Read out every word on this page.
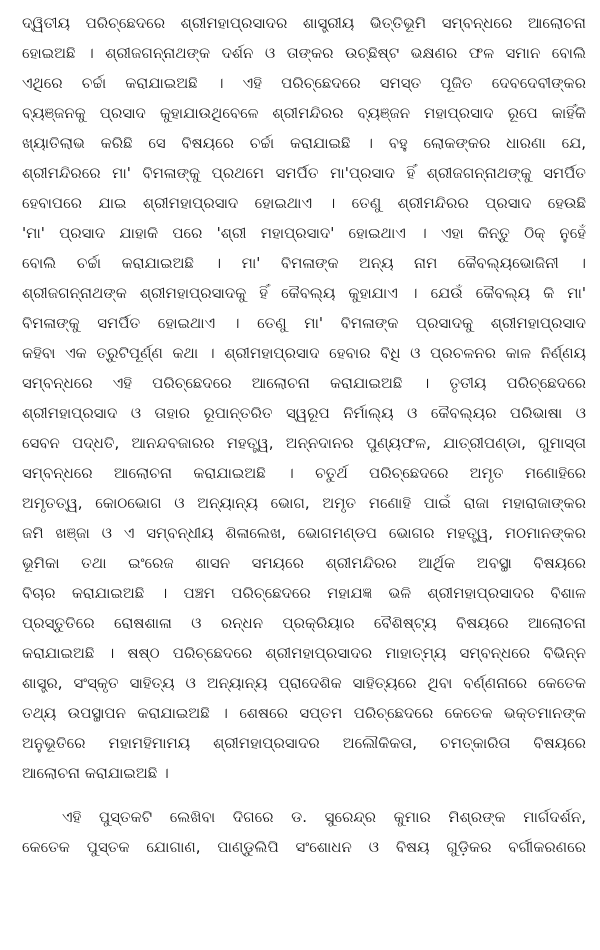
ଦ୍ୱିତୀୟ ପରିଚ୍ଛେଦରେ ଶ୍ରୀମହାପ୍ରସାଦର ଶାସ୍ତ୍ରୀୟ ଭିତ୍ତିଭୂମି ସମ୍ବନ୍ଧରେ ଆଲୋଚନା
ହୋଇଅଛି । ଶ୍ରୀଜଗନ୍ନାଥଙ୍କ ଦର୍ଶନ ଓ ତାଙ୍କର ଉଚ୍ଛିଷ୍ଟ ଭକ୍ଷଣର ଫଳ ସମାନ ବୋଲି
ଏଥିରେ ଚର୍ଚ୍ଚା କରାଯାଇଅଛି । ଏହି ପରିଚ୍ଛେଦରେ ସମସ୍ତ ପୂଜିତ ଦେବଦେବୀଙ୍କର
ବ୍ୟଞ୍ଜନକୁ ପ୍ରସାଦ କୁହାଯାଉଥିବେଳେ ଶ୍ରୀମନ୍ଦିରର ବ୍ୟଞ୍ଜନ ମହାପ୍ରସାଦ ରୂପେ କାହିଁକି
ଖ୍ୟାତିଲାଭ କରିଛି ସେ ବିଷୟରେ ଚର୍ଚ୍ଚା କରାଯାଇଛି । ବହୁ ଲୋକଙ୍କର ଧାରଣା ଯେ,
ଶ୍ରୀମନ୍ଦିରରେ ମା' ବିମଳାଙ୍କୁ ପ୍ରଥମେ ସମର୍ପିତ ମା'ପ୍ରସାଦ ହିଁ ଶ୍ରୀଜଗନ୍ନାଥଙ୍କୁ ସମର୍ପିତ
ହେବାପରେ ଯାଇ ଶ୍ରୀମହାପ୍ରସାଦ ହୋଇଥାଏ । ତେଣୁ ଶ୍ରୀମନ୍ଦିରର ପ୍ରସାଦ ହେଉଛି
'ମା' ପ୍ରସାଦ ଯାହାକି ପରେ 'ଶ୍ରୀ ମହାପ୍ରସାଦ' ହୋଇଥାଏ । ଏହା କିନ୍ତୁ ଠିକ୍ ନୁହେଁ
ବୋଲି ଚର୍ଚ୍ଚା କରାଯାଇଅଛି । ମା' ବିମଳାଙ୍କ ଅନ୍ୟ ନାମ କୈବଲ୍ୟଭୋଜିନୀ ।
ଶ୍ରୀଜଗନ୍ନାଥଙ୍କ ଶ୍ରୀମହାପ୍ରସାଦକୁ ହିଁ କୈବଲ୍ୟ କୁହାଯାଏ । ଯେଉଁ କୈବଲ୍ୟ କି ମା'
ବିମଳାଙ୍କୁ ସମର୍ପିତ ହୋଇଥାଏ । ତେଣୁ ମା' ବିମଳାଙ୍କ ପ୍ରସାଦକୁ ଶ୍ରୀମହାପ୍ରସାଦ
କହିବା ଏକ ତ୍ରୁଟିପୂର୍ଣ୍ଣ କଥା । ଶ୍ରୀମହାପ୍ରସାଦ ହେବାର ବିଧି ଓ ପ୍ରଚଳନର କାଳ ନିର୍ଣ୍ଣୟ
ସମ୍ବନ୍ଧରେ ଏହି ପରିଚ୍ଛେଦରେ ଆଲୋଚନା କରାଯାଇଅଛି । ତୃତୀୟ ପରିଚ୍ଛେଦରେ
ଶ୍ରୀମହାପ୍ରସାଦ ଓ ତାହାର ରୂପାନ୍ତରିତ ସ୍ୱରୂପ ନିର୍ମାଲ୍ୟ ଓ କୈବଲ୍ୟର ପରିଭାଷା ଓ
ସେବନ ପଦ୍ଧତି, ଆନନ୍ଦବଜାରର ମହତ୍ତ୍ୱ, ଅନ୍ନଦାନର ପୁଣ୍ୟଫଳ, ଯାତ୍ରୀପଣ୍ଡା, ଗୁମାସ୍ତା
ସମ୍ବନ୍ଧରେ ଆଲୋଚନା କରାଯାଇଅଛି । ଚତୁର୍ଥ ପରିଚ୍ଛେଦରେ ଅମୃତ ମଣୋହିରେ
ଅମୃତତ୍ୱ, କୋଠଭୋଗ ଓ ଅନ୍ୟାନ୍ୟ ଭୋଗ, ଅମୃତ ମଣୋହି ପାଇଁ ରାଜା ମହାରାଜାଙ୍କର
ଜମି ଖଞ୍ଜା ଓ ଏ ସମ୍ବନ୍ଧୀୟ ଶିଳାଲେଖ, ଭୋଗମଣ୍ଡପ ଭୋଗର ମହତ୍ତ୍ୱ, ମଠମାନଙ୍କର
ଭୂମିକା ତଥା ଇଂରେଜ ଶାସନ ସମୟରେ ଶ୍ରୀମନ୍ଦିରର ଆର୍ଥିକ ଅବସ୍ଥା ବିଷୟରେ
ବିଚାର କରାଯାଇଅଛି । ପଞ୍ଚମ ପରିଚ୍ଛେଦରେ ମହାଯଜ୍ଞ ଭଳି ଶ୍ରୀମହାପ୍ରସାଦର ବିଶାଳ
ପ୍ରସ୍ତୁତିରେ ରୋଷଶାଳା ଓ ରନ୍ଧନ ପ୍ରକ୍ରିୟାର ବୈଶିଷ୍ଟ୍ୟ ବିଷୟରେ ଆଲୋଚନା
କରାଯାଇଅଛି । ଷଷ୍ଠ ପରିଚ୍ଛେଦରେ ଶ୍ରୀମହାପ୍ରସାଦର ମାହାତ୍ମ୍ୟ ସମ୍ବନ୍ଧରେ ବିଭିନ୍ନ
ଶାସ୍ତ୍ର, ସଂସ୍କୃତ ସାହିତ୍ୟ ଓ ଅନ୍ୟାନ୍ୟ ପ୍ରାଦେଶିକ ସାହିତ୍ୟରେ ଥିବା ବର୍ଣ୍ଣନାରେ କେତେକ
ତଥ୍ୟ ଉପସ୍ଥାପନ କରାଯାଇଅଛି । ଶେଷରେ ସପ୍ତମ ପରିଚ୍ଛେଦରେ କେତେକ ଭକ୍ତମାନଙ୍କ
ଅନୁଭୂତିରେ ମହାମହିମାମୟ ଶ୍ରୀମହାପ୍ରସାଦର ଅଲୌକିକତା, ଚମତ୍କାରିତା ବିଷୟରେ
ଆଲୋଚନା କରାଯାଇଅଛି ।
ଏହି ପୁସ୍ତକଟି ଲେଖିବା ଦିଗରେ ଡ. ସୁରେନ୍ଦ୍ର କୁମାର ମିଶ୍ରଙ୍କ ମାର୍ଗଦର୍ଶନ,
କେତେକ ପୁସ୍ତକ ଯୋଗାଣ, ପାଣ୍ଡୁଲିପି ସଂଶୋଧନ ଓ ବିଷୟ ଗୁଡ଼ିକର ବର୍ଗୀକରଣରେ
